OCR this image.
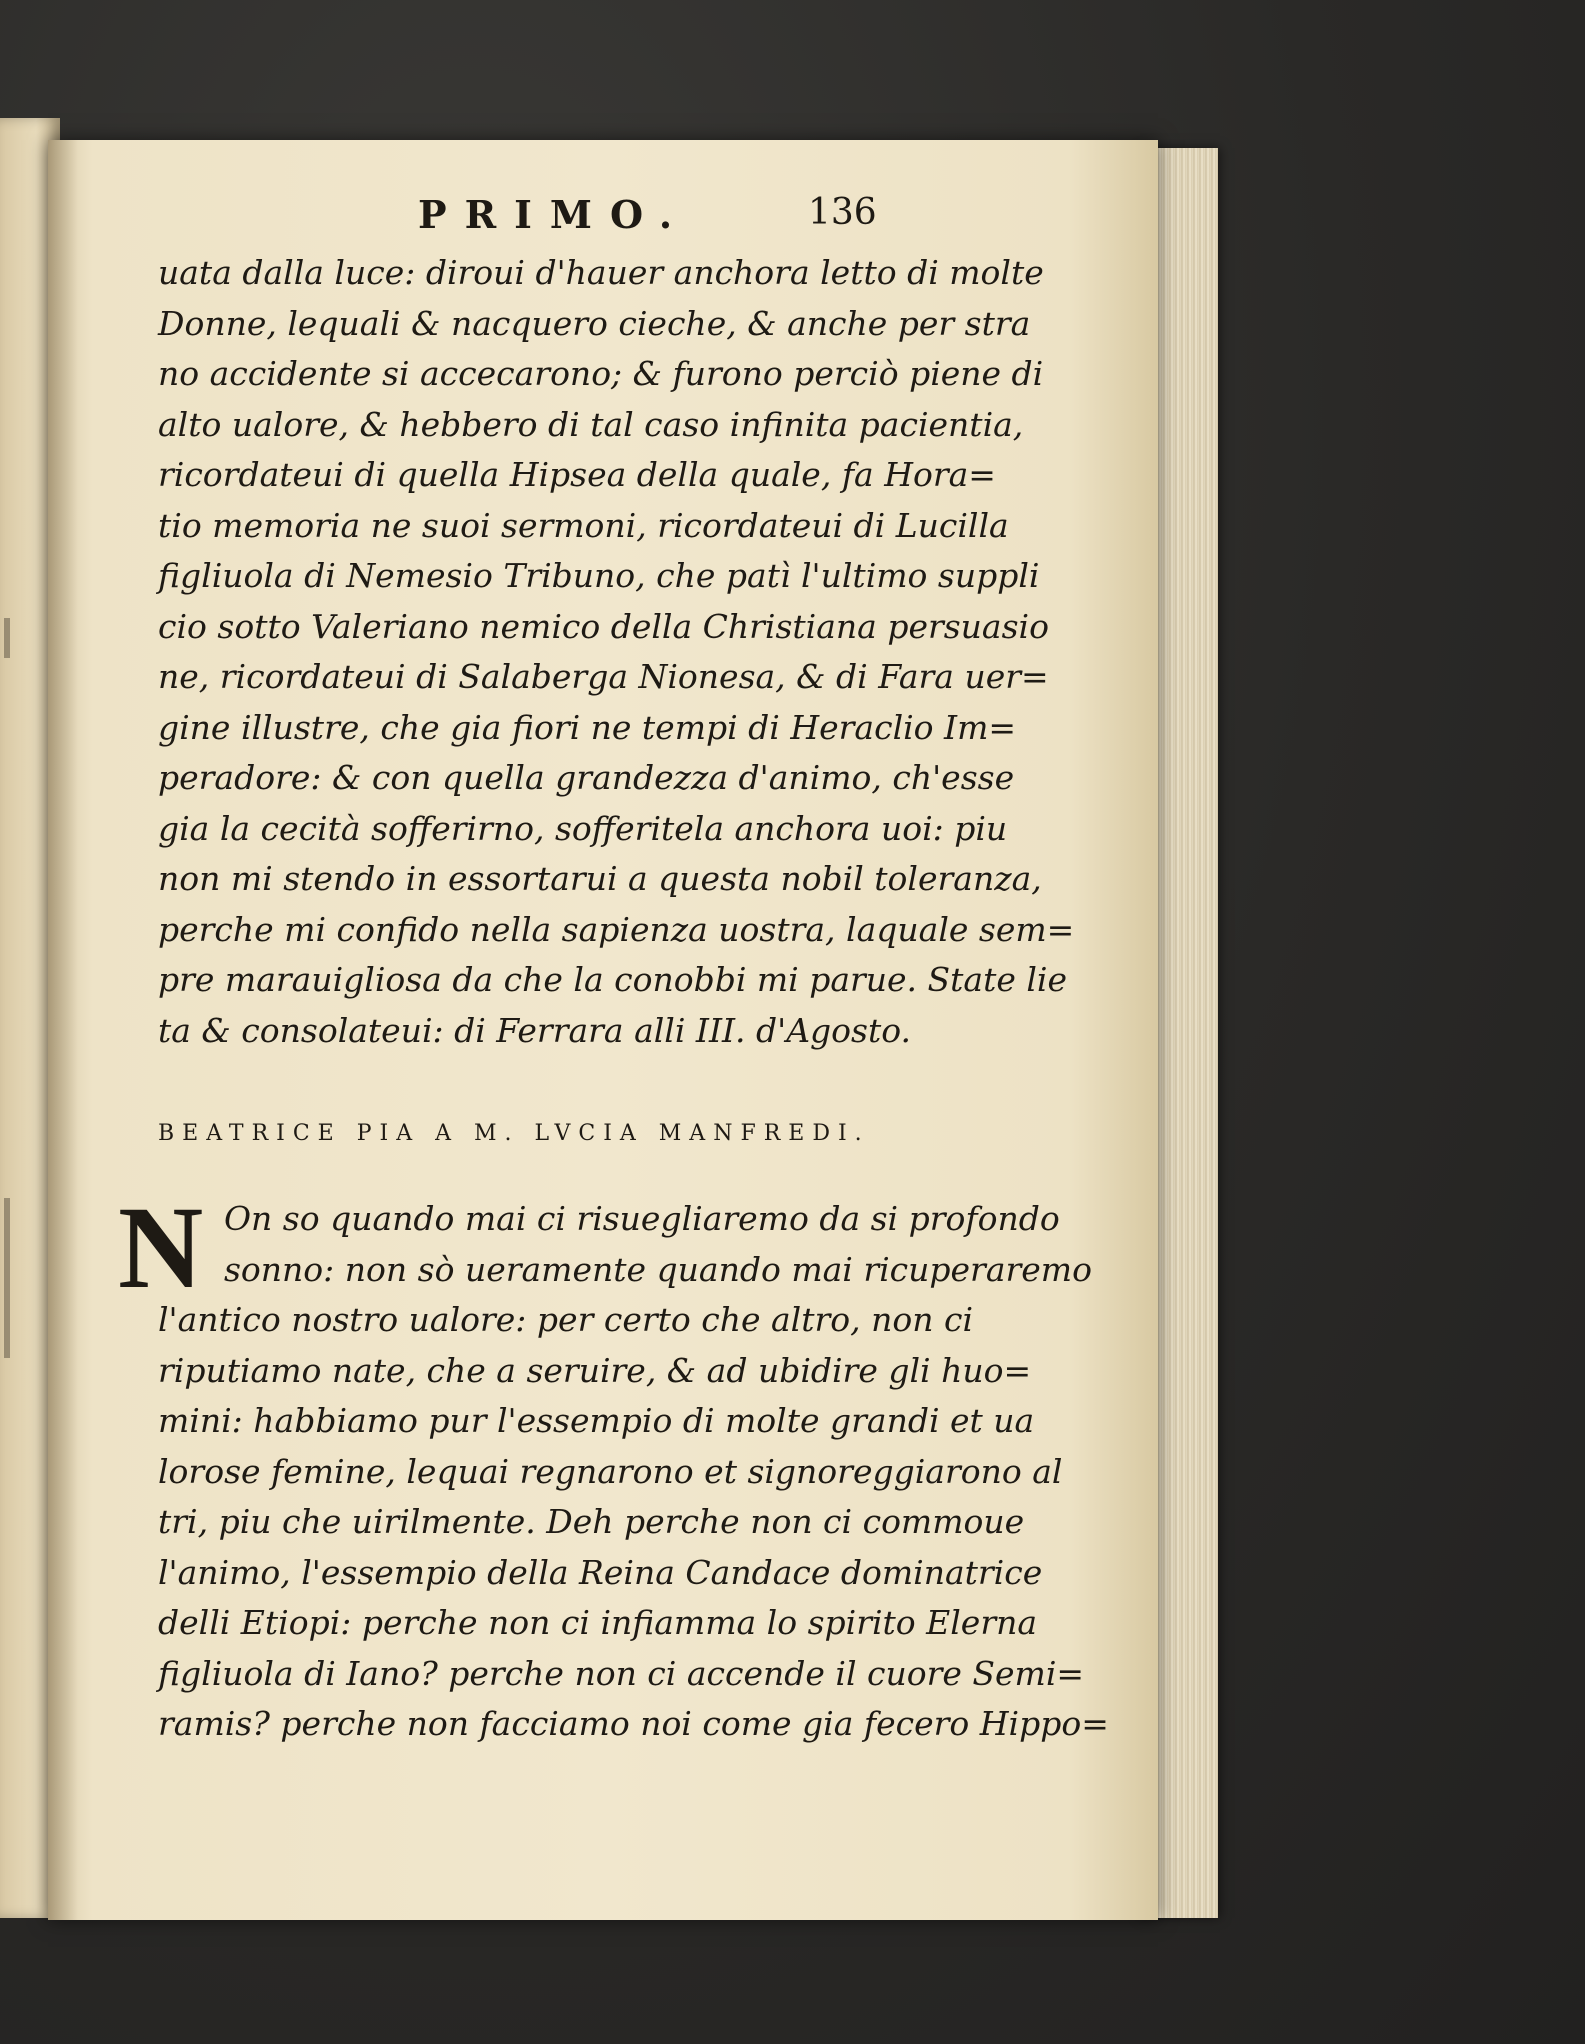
PRIMO.	136
uata dalla luce: diroui d'hauer anchora letto di molte
Donne, lequali & nacquero cieche, & anche per stra
no accidente si accecarono; & furono perciò piene di
alto ualore, & hebbero di tal caso infinita pacientia,
ricordateui di quella Hipsea della quale, fa Hora=
tio memoria ne suoi sermoni, ricordateui di Lucilla
figliuola di Nemesio Tribuno, che patì l'ultimo suppli
cio sotto Valeriano nemico della Christiana persuasio
ne, ricordateui di Salaberga Nionesa, & di Fara uer=
gine illustre, che gia fiori ne tempi di Heraclio Im=
peradore: & con quella grandezza d'animo, ch'esse
gia la cecità sofferirno, sofferitela anchora uoi: piu
non mi stendo in essortarui a questa nobil toleranza,
perche mi confido nella sapienza uostra, laquale sem=
pre marauigliosa da che la conobbi mi parue. State lie
ta & consolateui: di Ferrara alli III. d'Agosto.
BEATRICE PIA A M. LVCIA MANFREDI.
N On so quando mai ci risuegliaremo da si profondo
sonno: non sò ueramente quando mai ricuperaremo
l'antico nostro ualore: per certo che altro, non ci
riputiamo nate, che a seruire, & ad ubidire gli huo=
mini: habbiamo pur l'essempio di molte grandi et ua
lorose femine, lequai regnarono et signoreggiarono al
tri, piu che uirilmente. Deh perche non ci commoue
l'animo, l'essempio della Reina Candace dominatrice
delli Etiopi: perche non ci infiamma lo spirito Elerna
figliuola di Iano? perche non ci accende il cuore Semi=
ramis? perche non facciamo noi come gia fecero Hippo=
